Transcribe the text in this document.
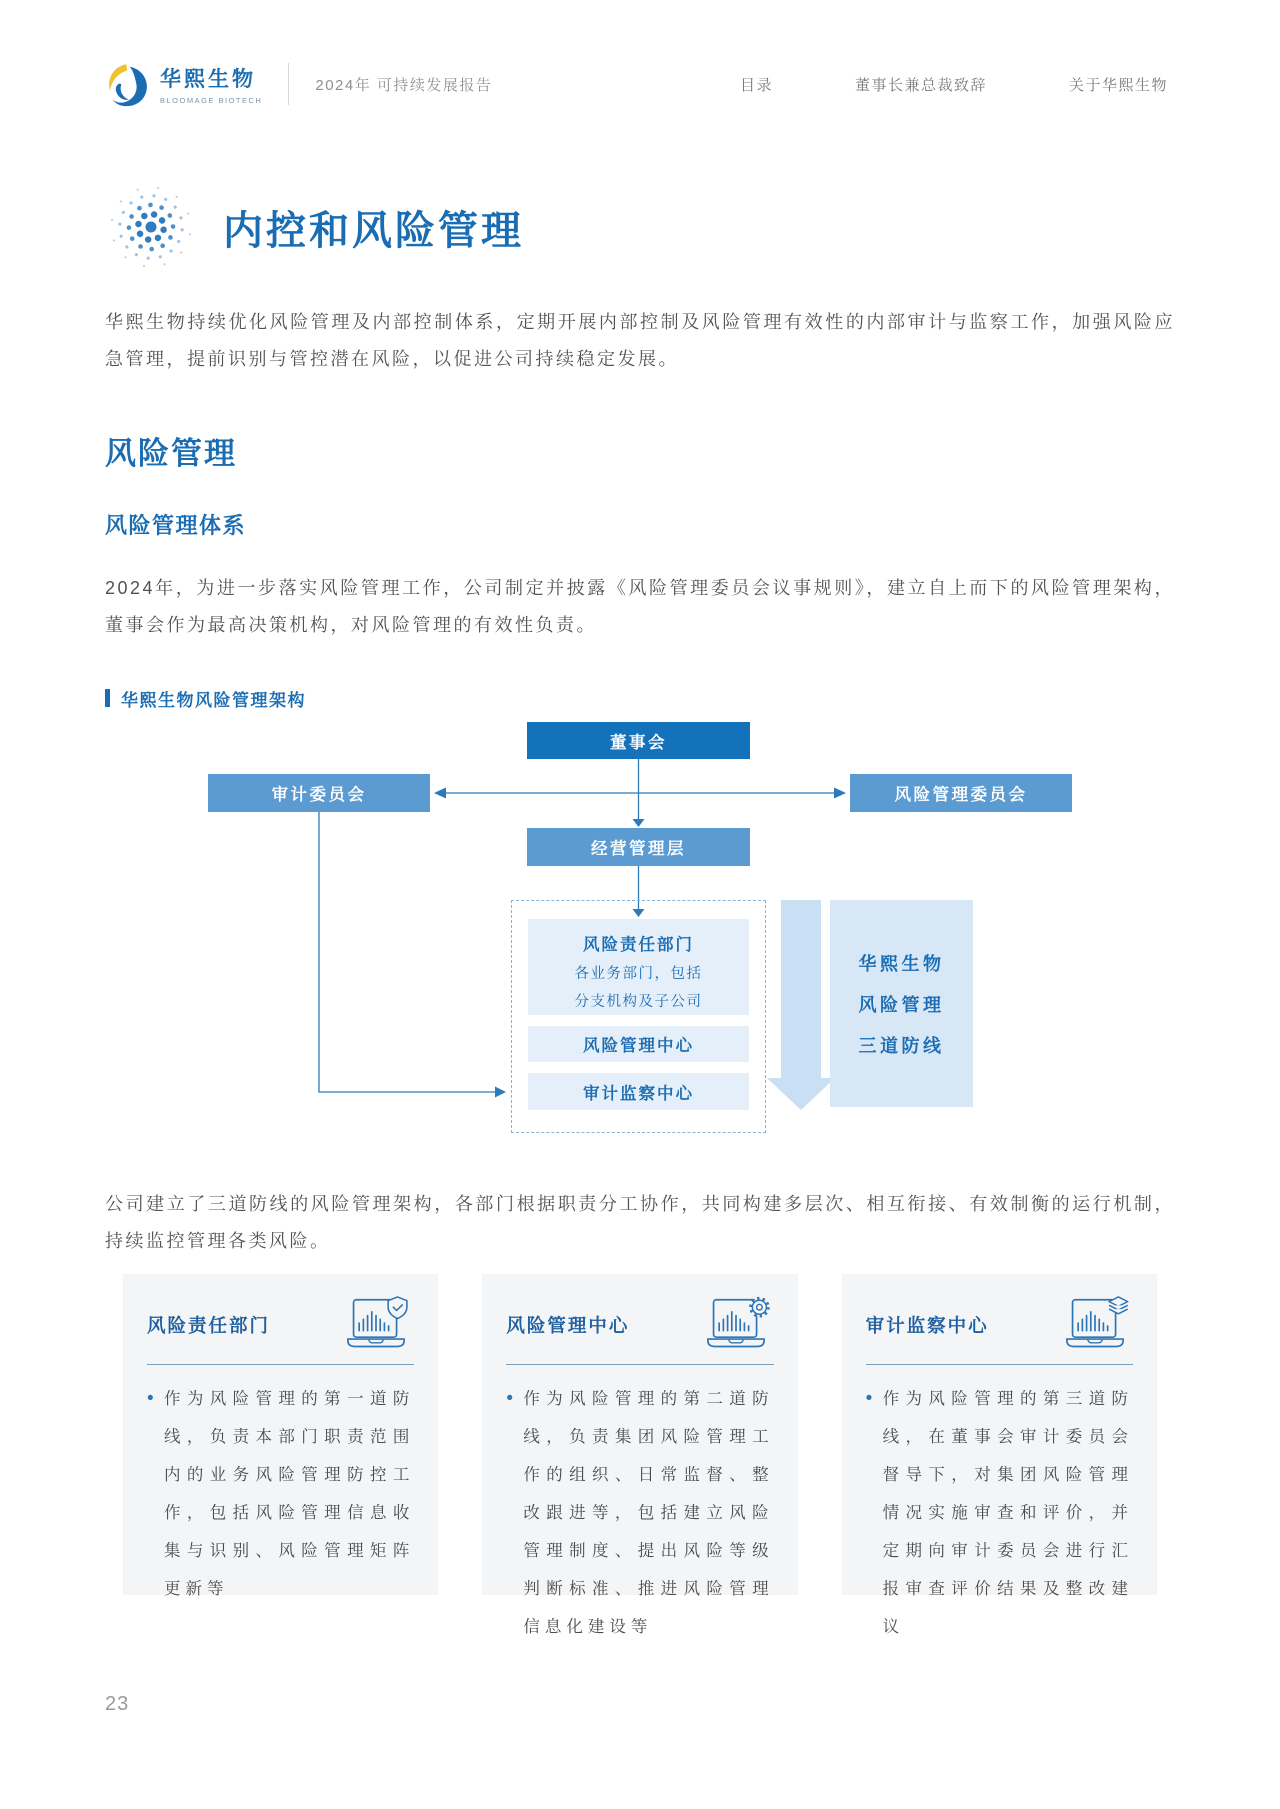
华熙生物
BLOOMAGE BIOTECH
2024年 可持续发展报告	目录	董事长兼总裁致辞	关于华熙生物
内控和风险管理

华熙生物持续优化风险管理及内部控制体系，定期开展内部控制及风险管理有效性的内部审计与监察工作，加强风险应急管理，提前识别与管控潜在风险，以促进公司持续稳定发展。

风险管理
风险管理体系

2024年，为进一步落实风险管理工作，公司制定并披露《风险管理委员会议事规则》，建立自上而下的风险管理架构，董事会作为最高决策机构，对风险管理的有效性负责。

华熙生物风险管理架构
董事会
审计委员会	风险管理委员会
经营管理层
风险责任部门
各业务部门，包括
分支机构及子公司
风险管理中心
审计监察中心
华熙生物
风险管理
三道防线

公司建立了三道防线的风险管理架构，各部门根据职责分工协作，共同构建多层次、相互衔接、有效制衡的运行机制，持续监控管理各类风险。

风险责任部门
•
作为风险管理的第一道防线，负责本部门职责范围内的业务风险管理防控工作，包括风险管理信息收集与识别、风险管理矩阵更新等
风险管理中心
•
作为风险管理的第二道防线，负责集团风险管理工作的组织、日常监督、整改跟进等，包括建立风险管理制度、提出风险等级判断标准、推进风险管理信息化建设等
审计监察中心
•
作为风险管理的第三道防线，在董事会审计委员会督导下，对集团风险管理情况实施审查和评价，并定期向审计委员会进行汇报审查评价结果及整改建议
23
